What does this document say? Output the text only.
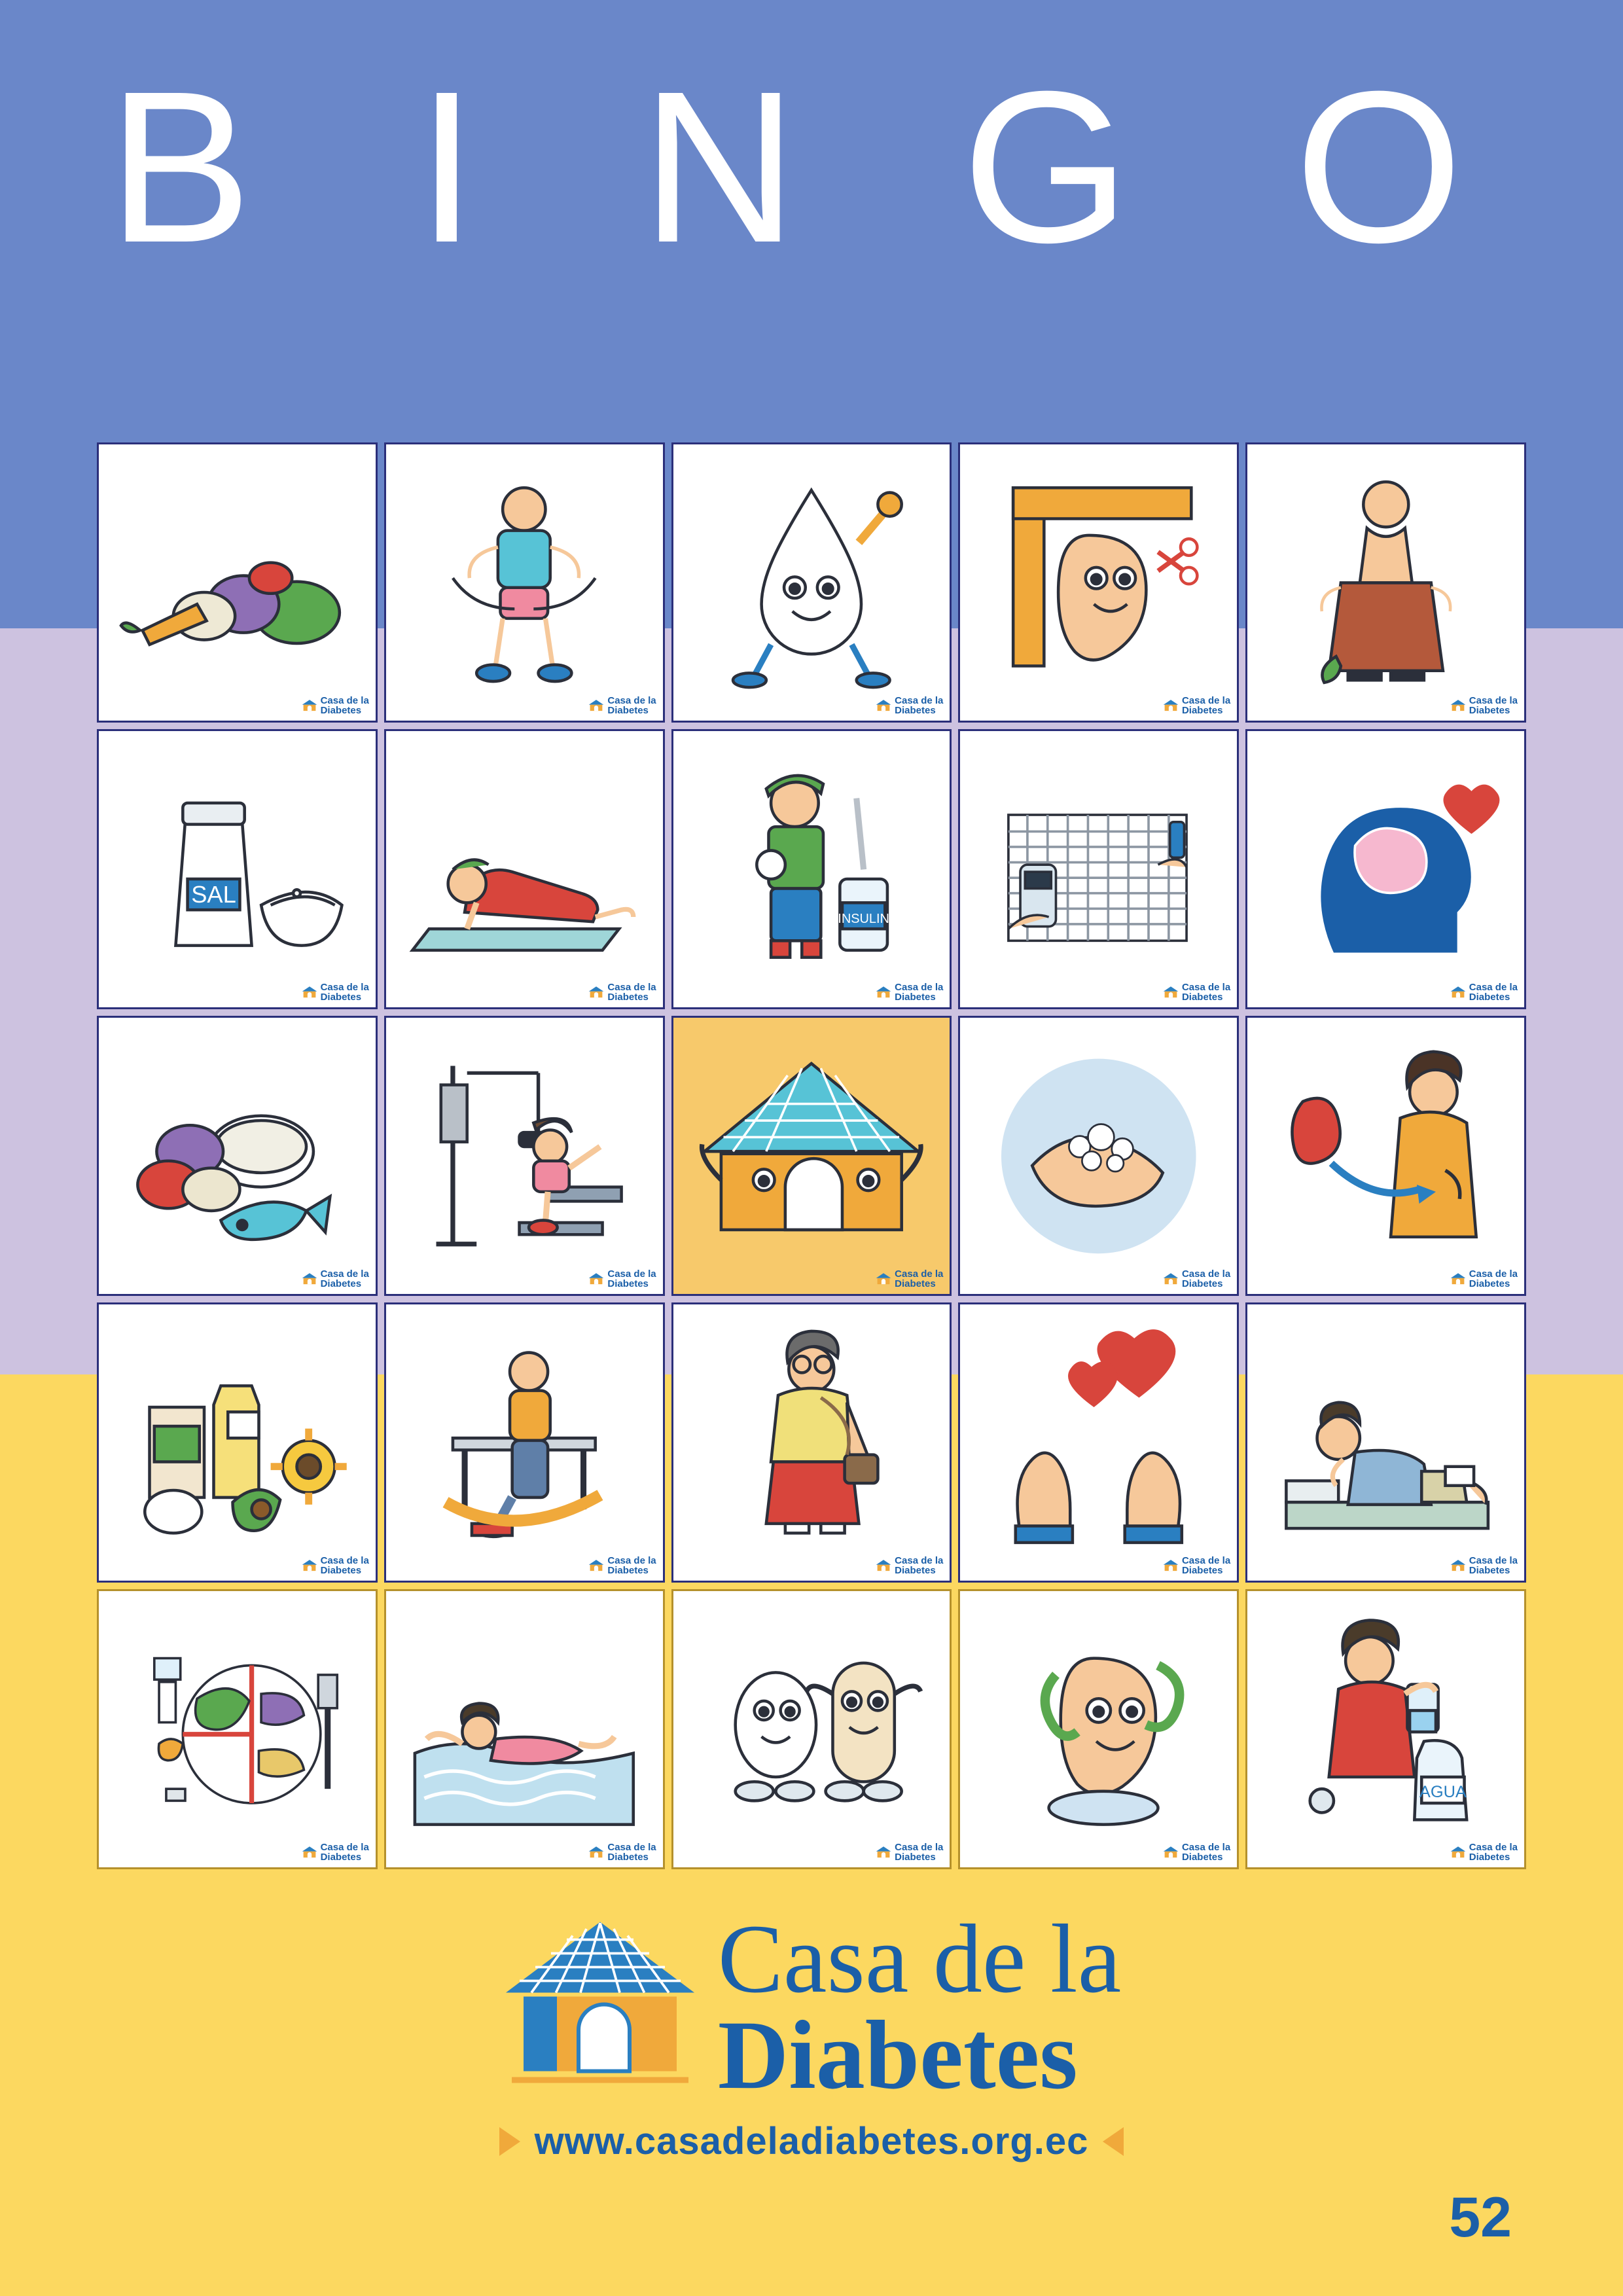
B I N G O
Casa de la
Diabetes
Casa de la
Diabetes
Casa de la
Diabetes
Casa de la
Diabetes
Casa de la
Diabetes
SAL
Casa de la
Diabetes
Casa de la
Diabetes
INSULIN
Casa de la
Diabetes
Casa de la
Diabetes
Casa de la
Diabetes
Casa de la
Diabetes
Casa de la
Diabetes
Casa de la
Diabetes
Casa de la
Diabetes
Casa de la
Diabetes
Casa de la
Diabetes
Casa de la
Diabetes
Casa de la
Diabetes
Casa de la
Diabetes
Casa de la
Diabetes
Casa de la
Diabetes
Casa de la
Diabetes
Casa de la
Diabetes
Casa de la
Diabetes
AGUA
Casa de la
Diabetes
Casa de la
Diabetes
www.casadeladiabetes.org.ec
52
